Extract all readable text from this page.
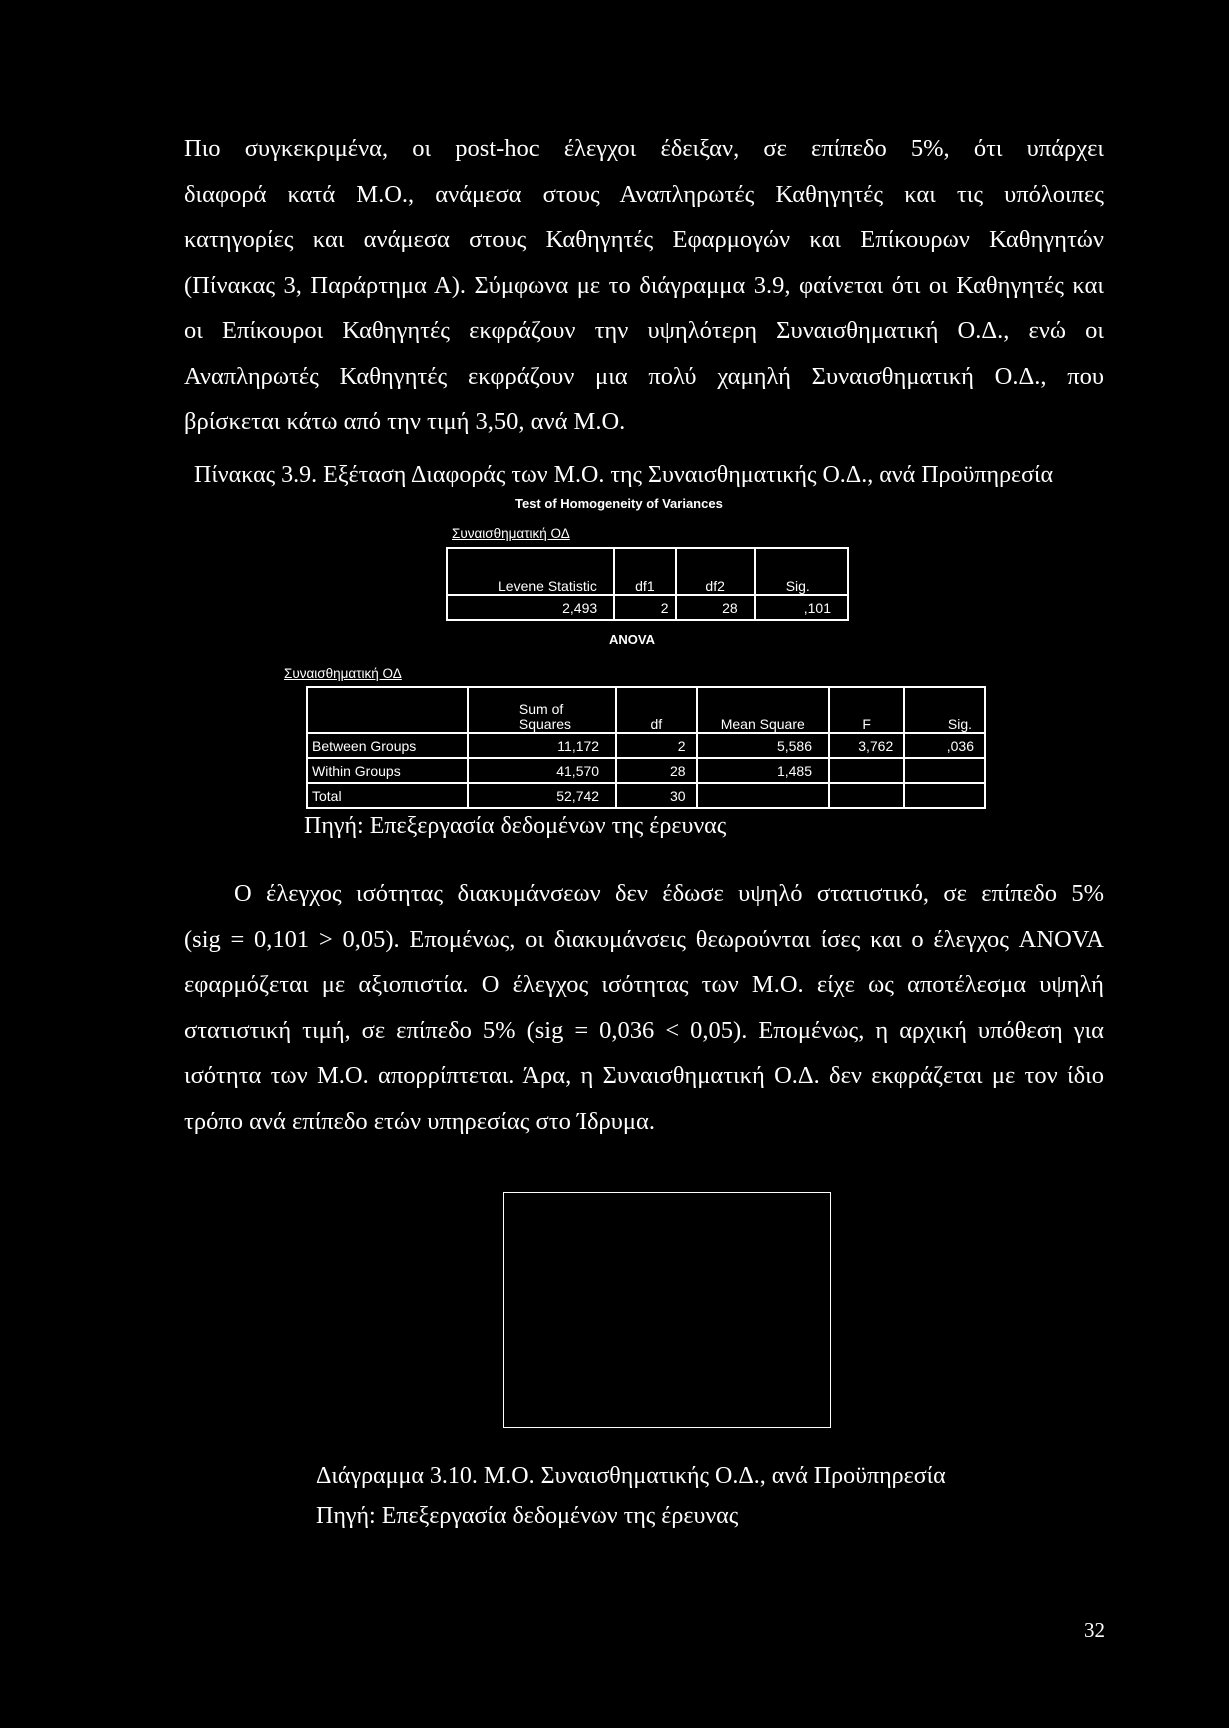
Πιο συγκεκριμένα, οι post-hoc έλεγχοι έδειξαν, σε επίπεδο 5%, ότι υπάρχει
διαφορά κατά Μ.Ο., ανάμεσα στους Αναπληρωτές Καθηγητές και τις υπόλοιπες
κατηγορίες και ανάμεσα στους Καθηγητές Εφαρμογών και Επίκουρων Καθηγητών
(Πίνακας 3, Παράρτημα Α). Σύμφωνα με το διάγραμμα 3.9, φαίνεται ότι οι Καθηγητές και
οι Επίκουροι Καθηγητές εκφράζουν την υψηλότερη Συναισθηματική Ο.Δ., ενώ οι
Αναπληρωτές Καθηγητές εκφράζουν μια πολύ χαμηλή Συναισθηματική Ο.Δ., που
βρίσκεται κάτω από την τιμή 3,50, ανά Μ.Ο.

Πίνακας 3.9. Εξέταση Διαφοράς των Μ.Ο. της Συναισθηματικής Ο.Δ., ανά Προϋπηρεσία
Test of Homogeneity of Variances
Συναισθηματική ΟΔ
Levene Statistic	df1	df2	Sig.
2,493	2	28	,101
ANOVA
Συναισθηματική ΟΔ
	Sum of Squares	df	Mean Square	F	Sig.
Between Groups	11,172	2	5,586	3,762	,036
Within Groups	41,570	28	1,485		
Total	52,742	30			
Πηγή: Επεξεργασία δεδομένων της έρευνας

Ο έλεγχος ισότητας διακυμάνσεων δεν έδωσε υψηλό στατιστικό, σε επίπεδο 5%
(sig = 0,101 > 0,05). Επομένως, οι διακυμάνσεις θεωρούνται ίσες και ο έλεγχος ANOVA
εφαρμόζεται με αξιοπιστία. Ο έλεγχος ισότητας των Μ.Ο. είχε ως αποτέλεσμα υψηλή
στατιστική τιμή, σε επίπεδο 5% (sig = 0,036 < 0,05). Επομένως, η αρχική υπόθεση για
ισότητα των Μ.Ο. απορρίπτεται. Άρα, η Συναισθηματική Ο.Δ. δεν εκφράζεται με τον ίδιο
τρόπο ανά επίπεδο ετών υπηρεσίας στο Ίδρυμα.

Διάγραμμα 3.10. Μ.Ο. Συναισθηματικής Ο.Δ., ανά Προϋπηρεσία
Πηγή: Επεξεργασία δεδομένων της έρευνας
32
